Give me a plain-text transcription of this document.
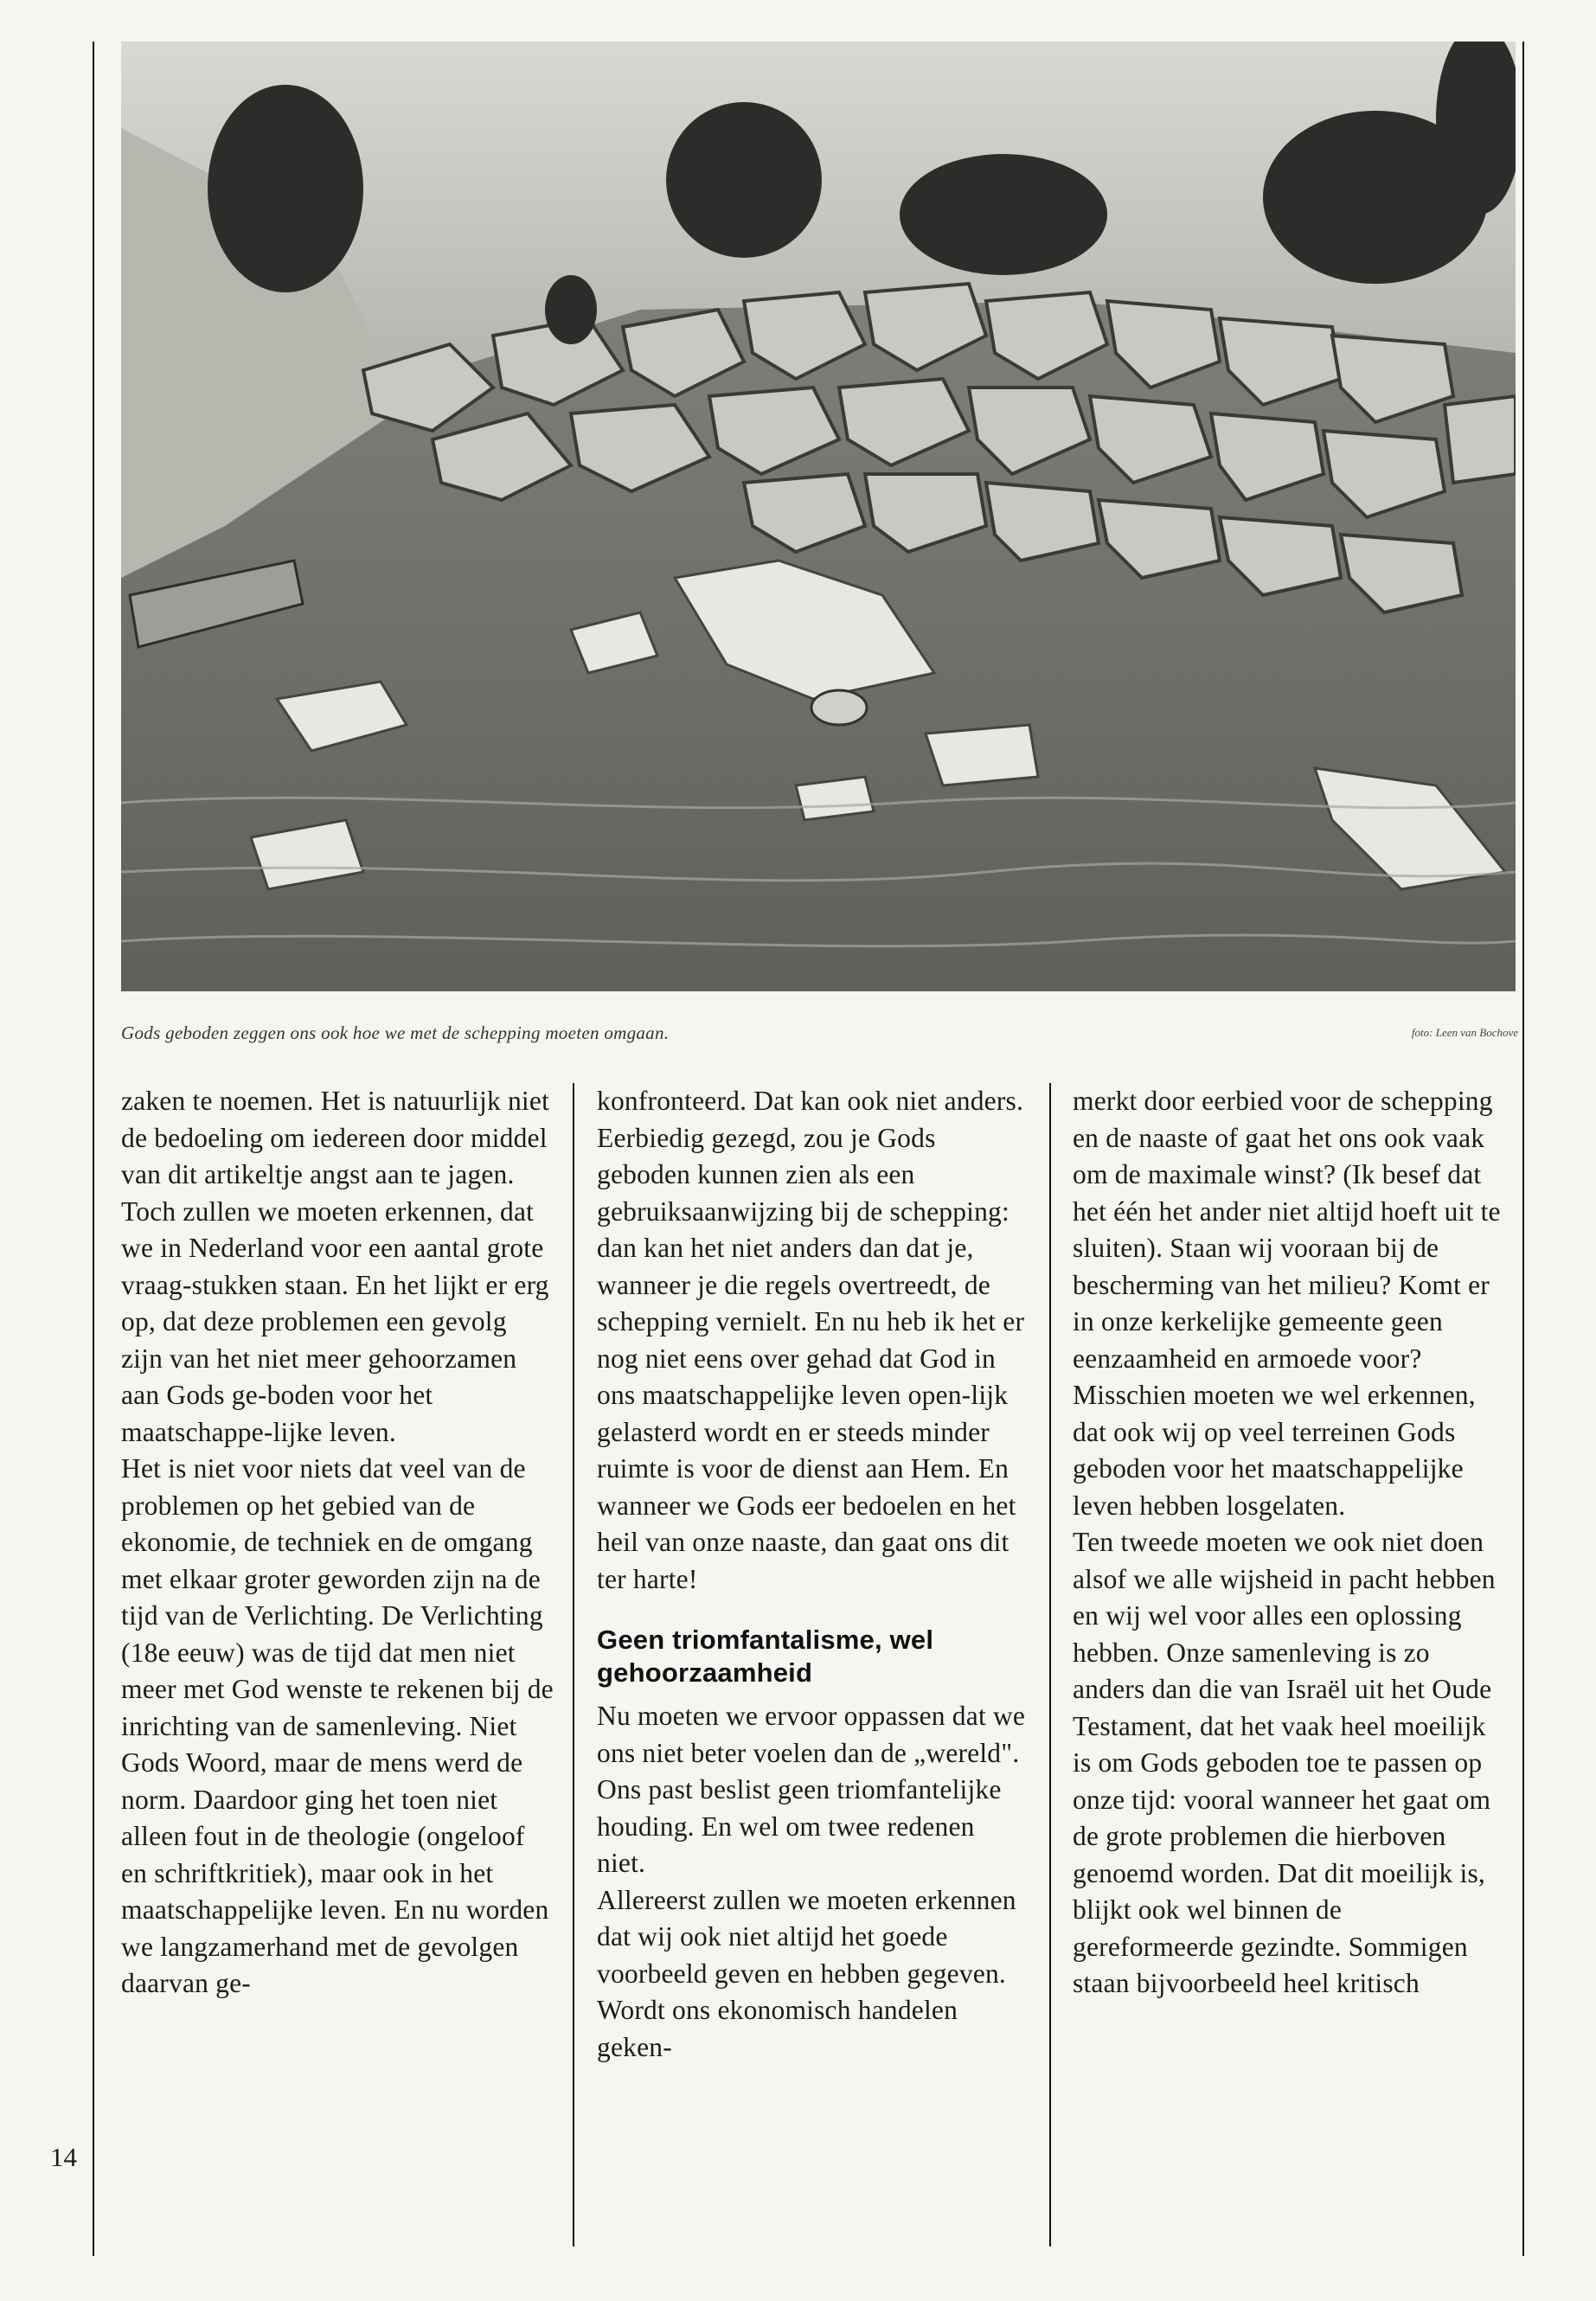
Gods geboden zeggen ons ook hoe we met de schepping moeten omgaan.	foto: Leen van Bochove

zaken te noemen. Het is natuurlijk niet de bedoeling om iedereen door middel van dit artikeltje angst aan te jagen. Toch zullen we moeten erkennen, dat we in Nederland voor een aantal grote vraag-stukken staan. En het lijkt er erg op, dat deze problemen een gevolg zijn van het niet meer gehoorzamen aan Gods ge-boden voor het maatschappe-lijke leven.

Het is niet voor niets dat veel van de problemen op het gebied van de ekonomie, de techniek en de omgang met elkaar groter geworden zijn na de tijd van de Verlichting. De Verlichting (18e eeuw) was de tijd dat men niet meer met God wenste te rekenen bij de inrichting van de samenleving. Niet Gods Woord, maar de mens werd de norm. Daardoor ging het toen niet alleen fout in de theologie (ongeloof en schriftkritiek), maar ook in het maatschappelijke leven. En nu worden we langzamerhand met de gevolgen daarvan ge-

konfronteerd. Dat kan ook niet anders. Eerbiedig gezegd, zou je Gods geboden kunnen zien als een gebruiksaanwijzing bij de schepping: dan kan het niet anders dan dat je, wanneer je die regels overtreedt, de schepping vernielt. En nu heb ik het er nog niet eens over gehad dat God in ons maatschappelijke leven open-lijk gelasterd wordt en er steeds minder ruimte is voor de dienst aan Hem. En wanneer we Gods eer bedoelen en het heil van onze naaste, dan gaat ons dit ter harte!

Geen triomfantalisme, wel gehoorzaamheid

Nu moeten we ervoor oppassen dat we ons niet beter voelen dan de „wereld". Ons past beslist geen triomfantelijke houding. En wel om twee redenen niet.

Allereerst zullen we moeten erkennen dat wij ook niet altijd het goede voorbeeld geven en hebben gegeven. Wordt ons ekonomisch handelen geken-

merkt door eerbied voor de schepping en de naaste of gaat het ons ook vaak om de maximale winst? (Ik besef dat het één het ander niet altijd hoeft uit te sluiten). Staan wij vooraan bij de bescherming van het milieu? Komt er in onze kerkelijke gemeente geen eenzaamheid en armoede voor? Misschien moeten we wel erkennen, dat ook wij op veel terreinen Gods geboden voor het maatschappelijke leven hebben losgelaten.

Ten tweede moeten we ook niet doen alsof we alle wijsheid in pacht hebben en wij wel voor alles een oplossing hebben. Onze samenleving is zo anders dan die van Israël uit het Oude Testament, dat het vaak heel moeilijk is om Gods geboden toe te passen op onze tijd: vooral wanneer het gaat om de grote problemen die hierboven genoemd worden. Dat dit moeilijk is, blijkt ook wel binnen de gereformeerde gezindte. Sommigen staan bijvoorbeeld heel kritisch

14
